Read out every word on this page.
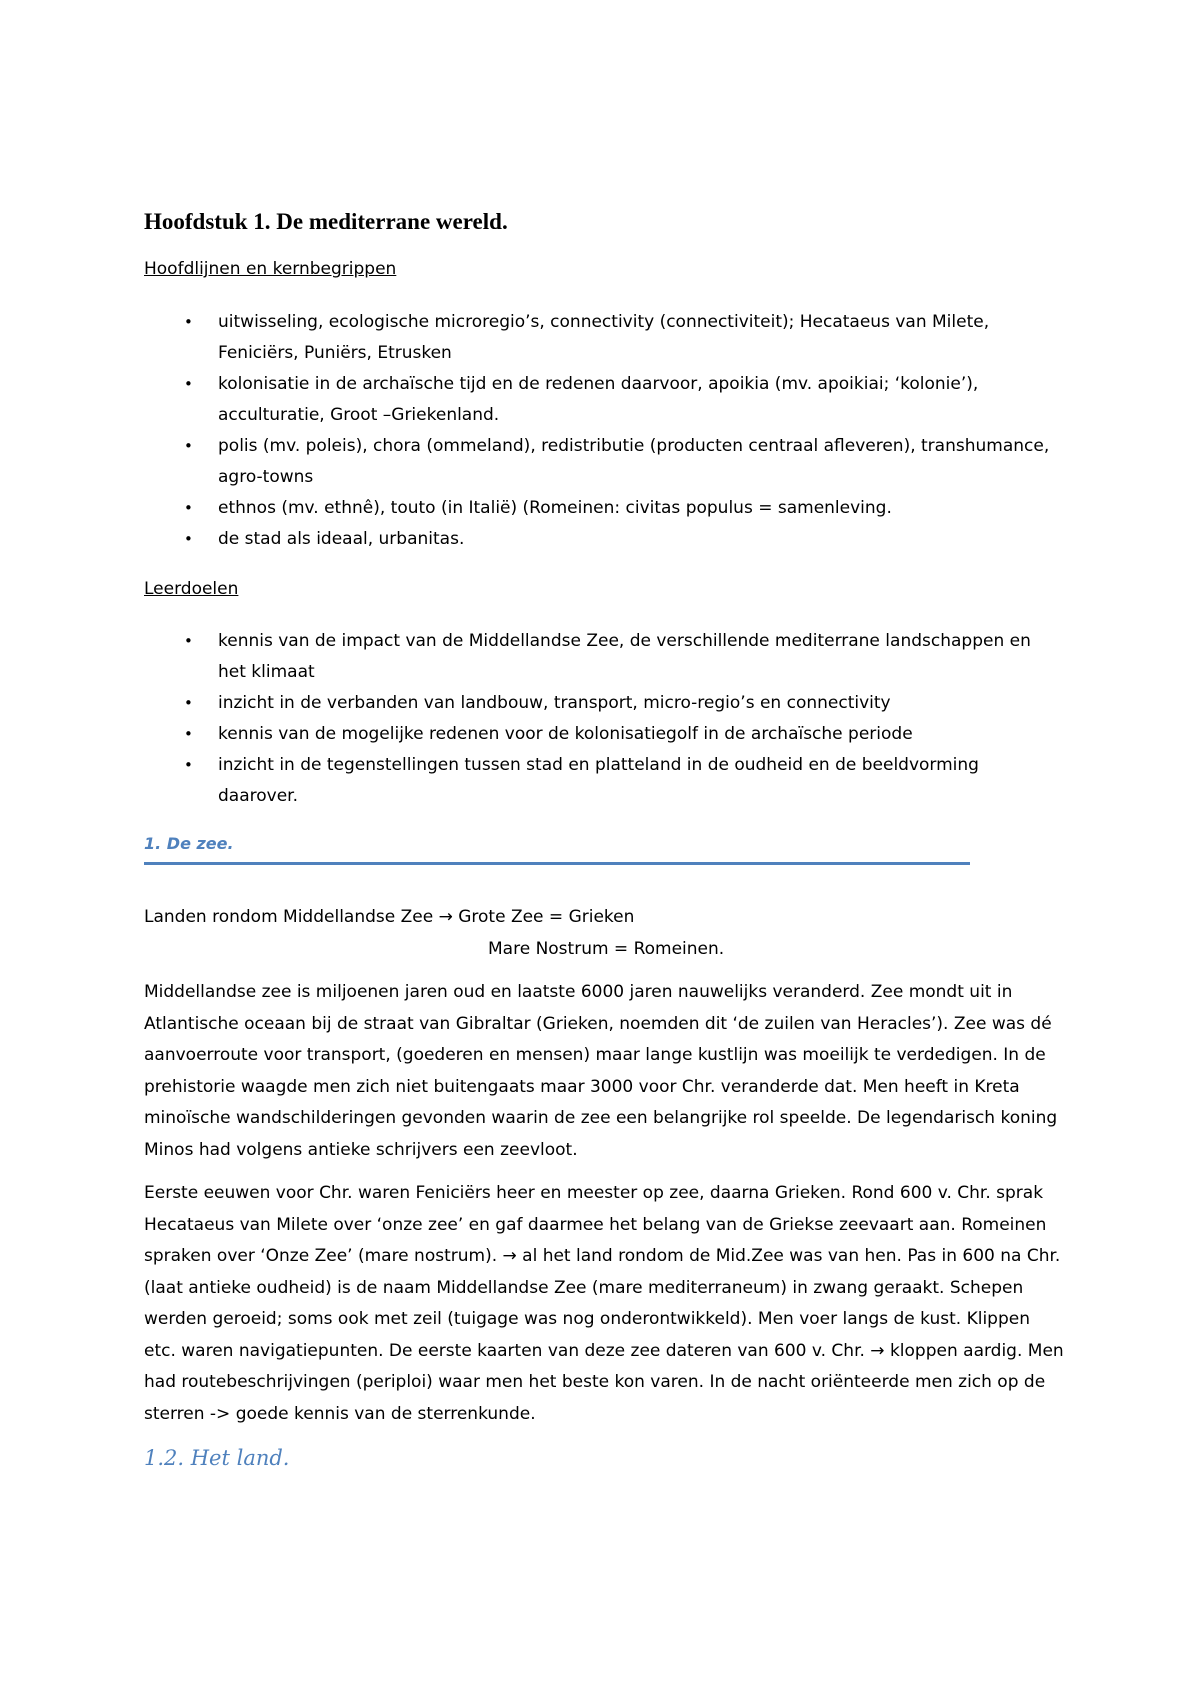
Hoofdstuk 1. De mediterrane wereld.

Hoofdlijnen en kernbegrippen

• uitwisseling, ecologische microregio’s, connectivity (connectiviteit); Hecataeus van Milete, Feniciërs, Puniërs, Etrusken
• kolonisatie in de archaïsche tijd en de redenen daarvoor, apoikia (mv. apoikiai; ‘kolonie’), acculturatie, Groot –Griekenland.
• polis (mv. poleis), chora (ommeland), redistributie (producten centraal afleveren), transhumance, agro-towns
• ethnos (mv. ethnê), touto (in Italië) (Romeinen: civitas populus = samenleving.
• de stad als ideaal, urbanitas.

Leerdoelen

• kennis van de impact van de Middellandse Zee, de verschillende mediterrane landschappen en het klimaat
• inzicht in de verbanden van landbouw, transport, micro-regio’s en connectivity
• kennis van de mogelijke redenen voor de kolonisatiegolf in de archaïsche periode
• inzicht in de tegenstellingen tussen stad en platteland in de oudheid en de beeldvorming daarover.
1. De zee.

Landen rondom Middellandse Zee → Grote Zee = Grieken

Mare Nostrum = Romeinen.

Middellandse zee is miljoenen jaren oud en laatste 6000 jaren nauwelijks veranderd. Zee mondt uit in Atlantische oceaan bij de straat van Gibraltar (Grieken, noemden dit ‘de zuilen van Heracles’). Zee was dé aanvoerroute voor transport, (goederen en mensen) maar lange kustlijn was moeilijk te verdedigen. In de prehistorie waagde men zich niet buitengaats maar 3000 voor Chr. veranderde dat. Men heeft in Kreta minoïsche wandschilderingen gevonden waarin de zee een belangrijke rol speelde. De legendarisch koning Minos had volgens antieke schrijvers een zeevloot.

Eerste eeuwen voor Chr. waren Feniciërs heer en meester op zee, daarna Grieken. Rond 600 v. Chr. sprak Hecataeus van Milete over ‘onze zee’ en gaf daarmee het belang van de Griekse zeevaart aan. Romeinen spraken over ‘Onze Zee’ (mare nostrum). → al het land rondom de Mid.Zee was van hen. Pas in 600 na Chr. (laat antieke oudheid) is de naam Middellandse Zee (mare mediterraneum) in zwang geraakt. Schepen werden geroeid; soms ook met zeil (tuigage was nog onderontwikkeld). Men voer langs de kust. Klippen etc. waren navigatiepunten. De eerste kaarten van deze zee dateren van 600 v. Chr. → kloppen aardig. Men had routebeschrijvingen (periploi) waar men het beste kon varen. In de nacht oriënteerde men zich op de sterren -> goede kennis van de sterrenkunde.

1.2. Het land.
